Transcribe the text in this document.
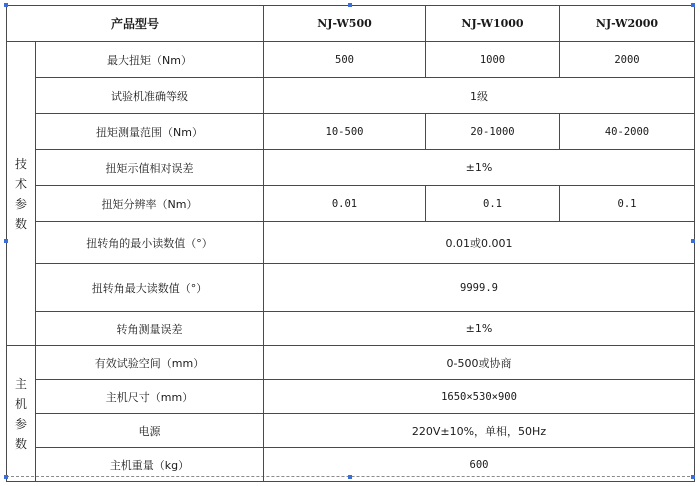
产品型号		NJ-W500	NJ-W1000	NJ-W2000

技
术
参
数	最大扭矩（Nm）	500	1000	2000
	试验机准确等级	1级		
	扭矩测量范围（Nm）	10-500	20-1000	40-2000
	扭矩示值相对误差	±1%		
	扭矩分辨率（Nm）	0.01	0.1	0.1
	扭转角的最小读数值（°）	0.01或0.001		
	扭转角最大读数值（°）	9999.9		
	转角测量误差	±1%		

主
机
参
数	有效试验空间（mm）	0-500或协商		
	主机尺寸（mm）	1650×530×900		
	电源	220V±10%，单相，50Hz		
	主机重量（kg）	600		
